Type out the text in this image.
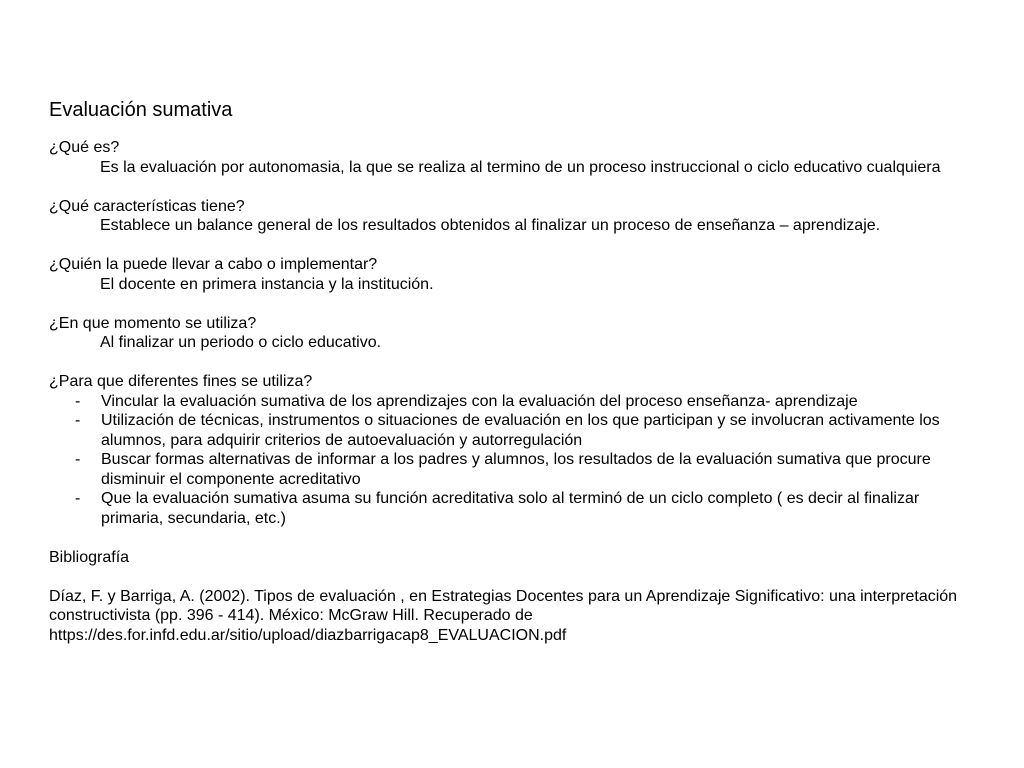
Evaluación sumativa
¿Qué es?
Es la evaluación por autonomasia, la que se realiza al termino de un proceso instruccional o ciclo educativo cualquiera
¿Qué características tiene?
Establece un balance general de los resultados obtenidos al finalizar un proceso de enseñanza – aprendizaje.
¿Quién la puede llevar a cabo o implementar?
El docente en primera instancia y la institución.
¿En que momento se utiliza?
Al finalizar un periodo o ciclo educativo.
¿Para que diferentes fines se utiliza?
- Vincular la evaluación sumativa de los aprendizajes con la evaluación del proceso enseñanza- aprendizaje
- Utilización de técnicas, instrumentos o situaciones de evaluación en los que participan y se involucran activamente los alumnos, para adquirir criterios de autoevaluación y autorregulación
- Buscar formas alternativas de informar a los padres y alumnos, los resultados de la evaluación sumativa que procure disminuir el componente acreditativo
- Que la evaluación sumativa asuma su función acreditativa solo al terminó de un ciclo completo ( es decir al finalizar primaria, secundaria, etc.)
Bibliografía
Díaz, F. y Barriga, A. (2002). Tipos de evaluación , en Estrategias Docentes para un Aprendizaje Significativo: una interpretación constructivista (pp. 396 - 414). México: McGraw Hill. Recuperado de https://des.for.infd.edu.ar/sitio/upload/diazbarrigacap8_EVALUACION.pdf
